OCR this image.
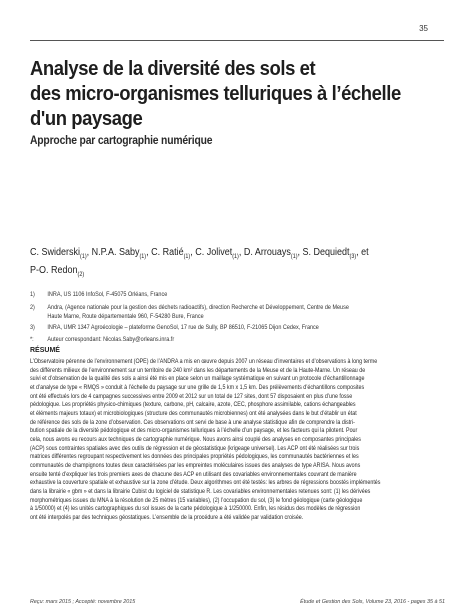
35
Analyse de la diversité des sols et
des micro-organismes telluriques à l’échelle
d'un paysage
Approche par cartographie numérique
C. Swiderski$_{(1)}$, N.P.A. Saby$_{(1)}$, C. Ratié$_{(1)}$, C. Jolivet$_{(1)}$, D. Arrouays$_{(1)}$, S. Dequiedt$_{(3)}$, et
P-O. Redon$_{(2)}$
1) INRA, US 1106 InfoSol, F-45075 Orléans, France
2) Andra, (Agence nationale pour la gestion des déchets radioactifs), direction Recherche et Développement, Centre de Meuse
Haute Marne, Route départementale 960, F-54280 Bure, France
3) INRA, UMR 1347 Agroécologie – plateforme GenoSol, 17 rue de Sully, BP 86510, F-21065 Dijon Cedex, France
*: Auteur correspondant: Nicolas.Saby@orleans.inra.fr
RÉSUMÉ
L’Observatoire pérenne de l’environnement (OPE) de l’ANDRA a mis en œuvre depuis 2007 un réseau d’inventaires et d’observations à long terme
des différents milieux de l’environnement sur un territoire de 240 km² dans les départements de la Meuse et de la Haute-Marne. Un réseau de
suivi et d’observation de la qualité des sols a ainsi été mis en place selon un maillage systématique en suivant un protocole d’échantillonnage
et d’analyse de type « RMQS » conduit à l’échelle du paysage sur une grille de 1,5 km x 1,5 km. Des prélèvements d’échantillons composites
ont été effectués lors de 4 campagnes successives entre 2009 et 2012 sur un total de 127 sites, dont 57 disposaient en plus d’une fosse
pédologique. Les propriétés physico-chimiques (texture, carbone, pH, calcaire, azote, CEC, phosphore assimilable, cations échangeables
et éléments majeurs totaux) et microbiologiques (structure des communautés microbiennes) ont été analysées dans le but d’établir un état
de référence des sols de la zone d’observation. Ces observations ont servi de base à une analyse statistique afin de comprendre la distri-
bution spatiale de la diversité pédologique et des micro-organismes telluriques à l’échelle d’un paysage, et les facteurs qui la pilotent. Pour
cela, nous avons eu recours aux techniques de cartographie numérique. Nous avons ainsi couplé des analyses en composantes principales
(ACP) sous contraintes spatiales avec des outils de régression et de géostatistique (krigeage universel). Les ACP ont été réalisées sur trois
matrices différentes regroupant respectivement les données des principales propriétés pédologiques, les communautés bactériennes et les
communautés de champignons toutes deux caractérisées par les empreintes moléculaires issues des analyses de type ARISA. Nous avons
ensuite tenté d’expliquer les trois premiers axes de chacune des ACP en utilisant des covariables environnementales couvrant de manière
exhaustive la couverture spatiale et exhaustive sur la zone d’étude. Deux algorithmes ont été testés: les arbres de régressions boostés implémentés
dans la librairie « gbm » et dans la librairie Cubist du logiciel de statistique R. Les covariables environnementales retenues sont: (1) les dérivées
morphométriques issues du MNA à la résolution de 25 mètres (15 variables), (2) l’occupation du sol, (3) le fond géologique (carte géologique
à 1/50000) et (4) les unités cartographiques du sol issues de la carte pédologique à 1/250000. Enfin, les résidus des modèles de régression
ont été interpolés par des techniques géostatiques. L’ensemble de la procédure a été validée par validation croisée.
Reçu: mars 2015 ; Accepté: novembre 2015	Étude et Gestion des Sols, Volume 23, 2016 - pages 35 à 51
